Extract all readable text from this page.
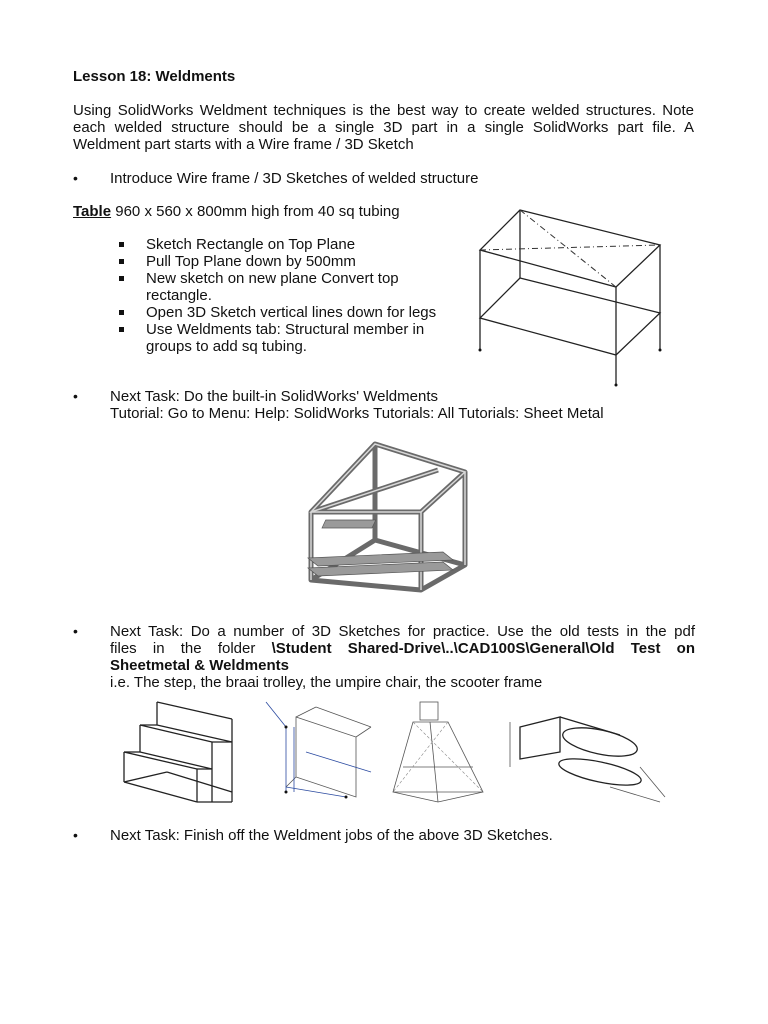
Lesson 18: Weldments
Using SolidWorks Weldment techniques is the best way to create welded structures. Note
each welded structure should be a single 3D part in a single SolidWorks part file. A
Weldment part starts with a Wire frame / 3D Sketch
• Introduce Wire frame / 3D Sketches of welded structure
Table 960 x 560 x 800mm high from 40 sq tubing
Sketch Rectangle on Top Plane
Pull Top Plane down by 500mm
New sketch on new plane Convert top
rectangle.
Open 3D Sketch vertical lines down for legs
Use Weldments tab: Structural member in
groups to add sq tubing.
• Next Task: Do the built-in SolidWorks' Weldments
Tutorial: Go to Menu: Help: SolidWorks Tutorials: All Tutorials: Sheet Metal
• Next Task: Do a number of 3D Sketches for practice. Use the old tests in the pdf
files in the folder \Student Shared-Drive\..\CAD100S\General\Old Test on
Sheetmetal & Weldments
i.e. The step, the braai trolley, the umpire chair, the scooter frame
• Next Task: Finish off the Weldment jobs of the above 3D Sketches.
